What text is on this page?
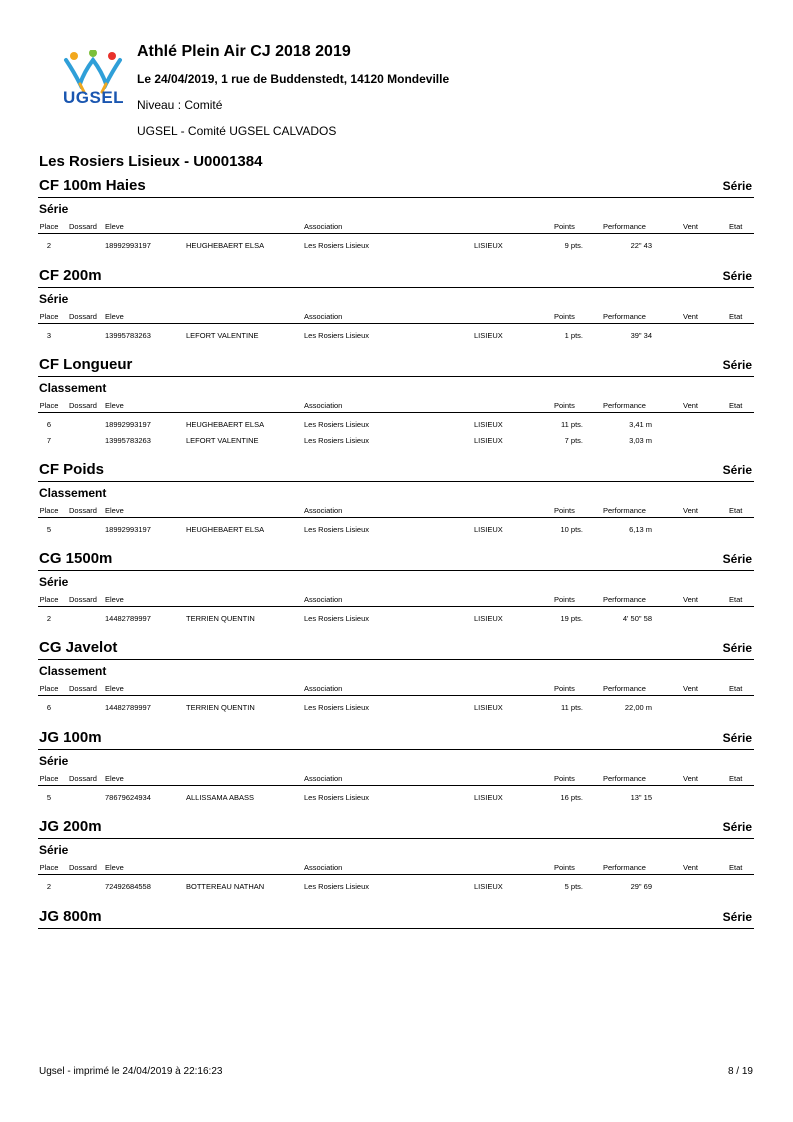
UGSEL
Athlé Plein Air CJ 2018 2019
Le 24/04/2019, 1 rue de Buddenstedt, 14120 Mondeville
Niveau : Comité
UGSEL - Comité UGSEL CALVADOS
Les Rosiers Lisieux - U0001384
CF 100m Haies	Série
Série
Place Dossard Eleve	Association	Points	Performance	Vent	Etat
2	18992993197	HEUGHEBAERT ELSA	Les Rosiers Lisieux	LISIEUX	9 pts.	22" 43
CF 200m	Série
Série
Place Dossard Eleve	Association	Points	Performance	Vent	Etat
3	13995783263	LEFORT VALENTINE	Les Rosiers Lisieux	LISIEUX	1 pts.	39" 34
CF Longueur	Série
Classement
Place Dossard Eleve	Association	Points	Performance	Vent	Etat
6	18992993197	HEUGHEBAERT ELSA	Les Rosiers Lisieux	LISIEUX	11 pts.	3,41 m
7	13995783263	LEFORT VALENTINE	Les Rosiers Lisieux	LISIEUX	7 pts.	3,03 m
CF Poids	Série
Classement
Place Dossard Eleve	Association	Points	Performance	Vent	Etat
5	18992993197	HEUGHEBAERT ELSA	Les Rosiers Lisieux	LISIEUX	10 pts.	6,13 m
CG 1500m	Série
Série
Place Dossard Eleve	Association	Points	Performance	Vent	Etat
2	14482789997	TERRIEN QUENTIN	Les Rosiers Lisieux	LISIEUX	19 pts.	4' 50" 58
CG Javelot	Série
Classement
Place Dossard Eleve	Association	Points	Performance	Vent	Etat
6	14482789997	TERRIEN QUENTIN	Les Rosiers Lisieux	LISIEUX	11 pts.	22,00 m
JG 100m	Série
Série
Place Dossard Eleve	Association	Points	Performance	Vent	Etat
5	78679624934	ALLISSAMA ABASS	Les Rosiers Lisieux	LISIEUX	16 pts.	13" 15
JG 200m	Série
Série
Place Dossard Eleve	Association	Points	Performance	Vent	Etat
2	72492684558	BOTTEREAU NATHAN	Les Rosiers Lisieux	LISIEUX	5 pts.	29" 69
JG 800m	Série
Ugsel - imprimé le 24/04/2019 à 22:16:23	8 / 19
